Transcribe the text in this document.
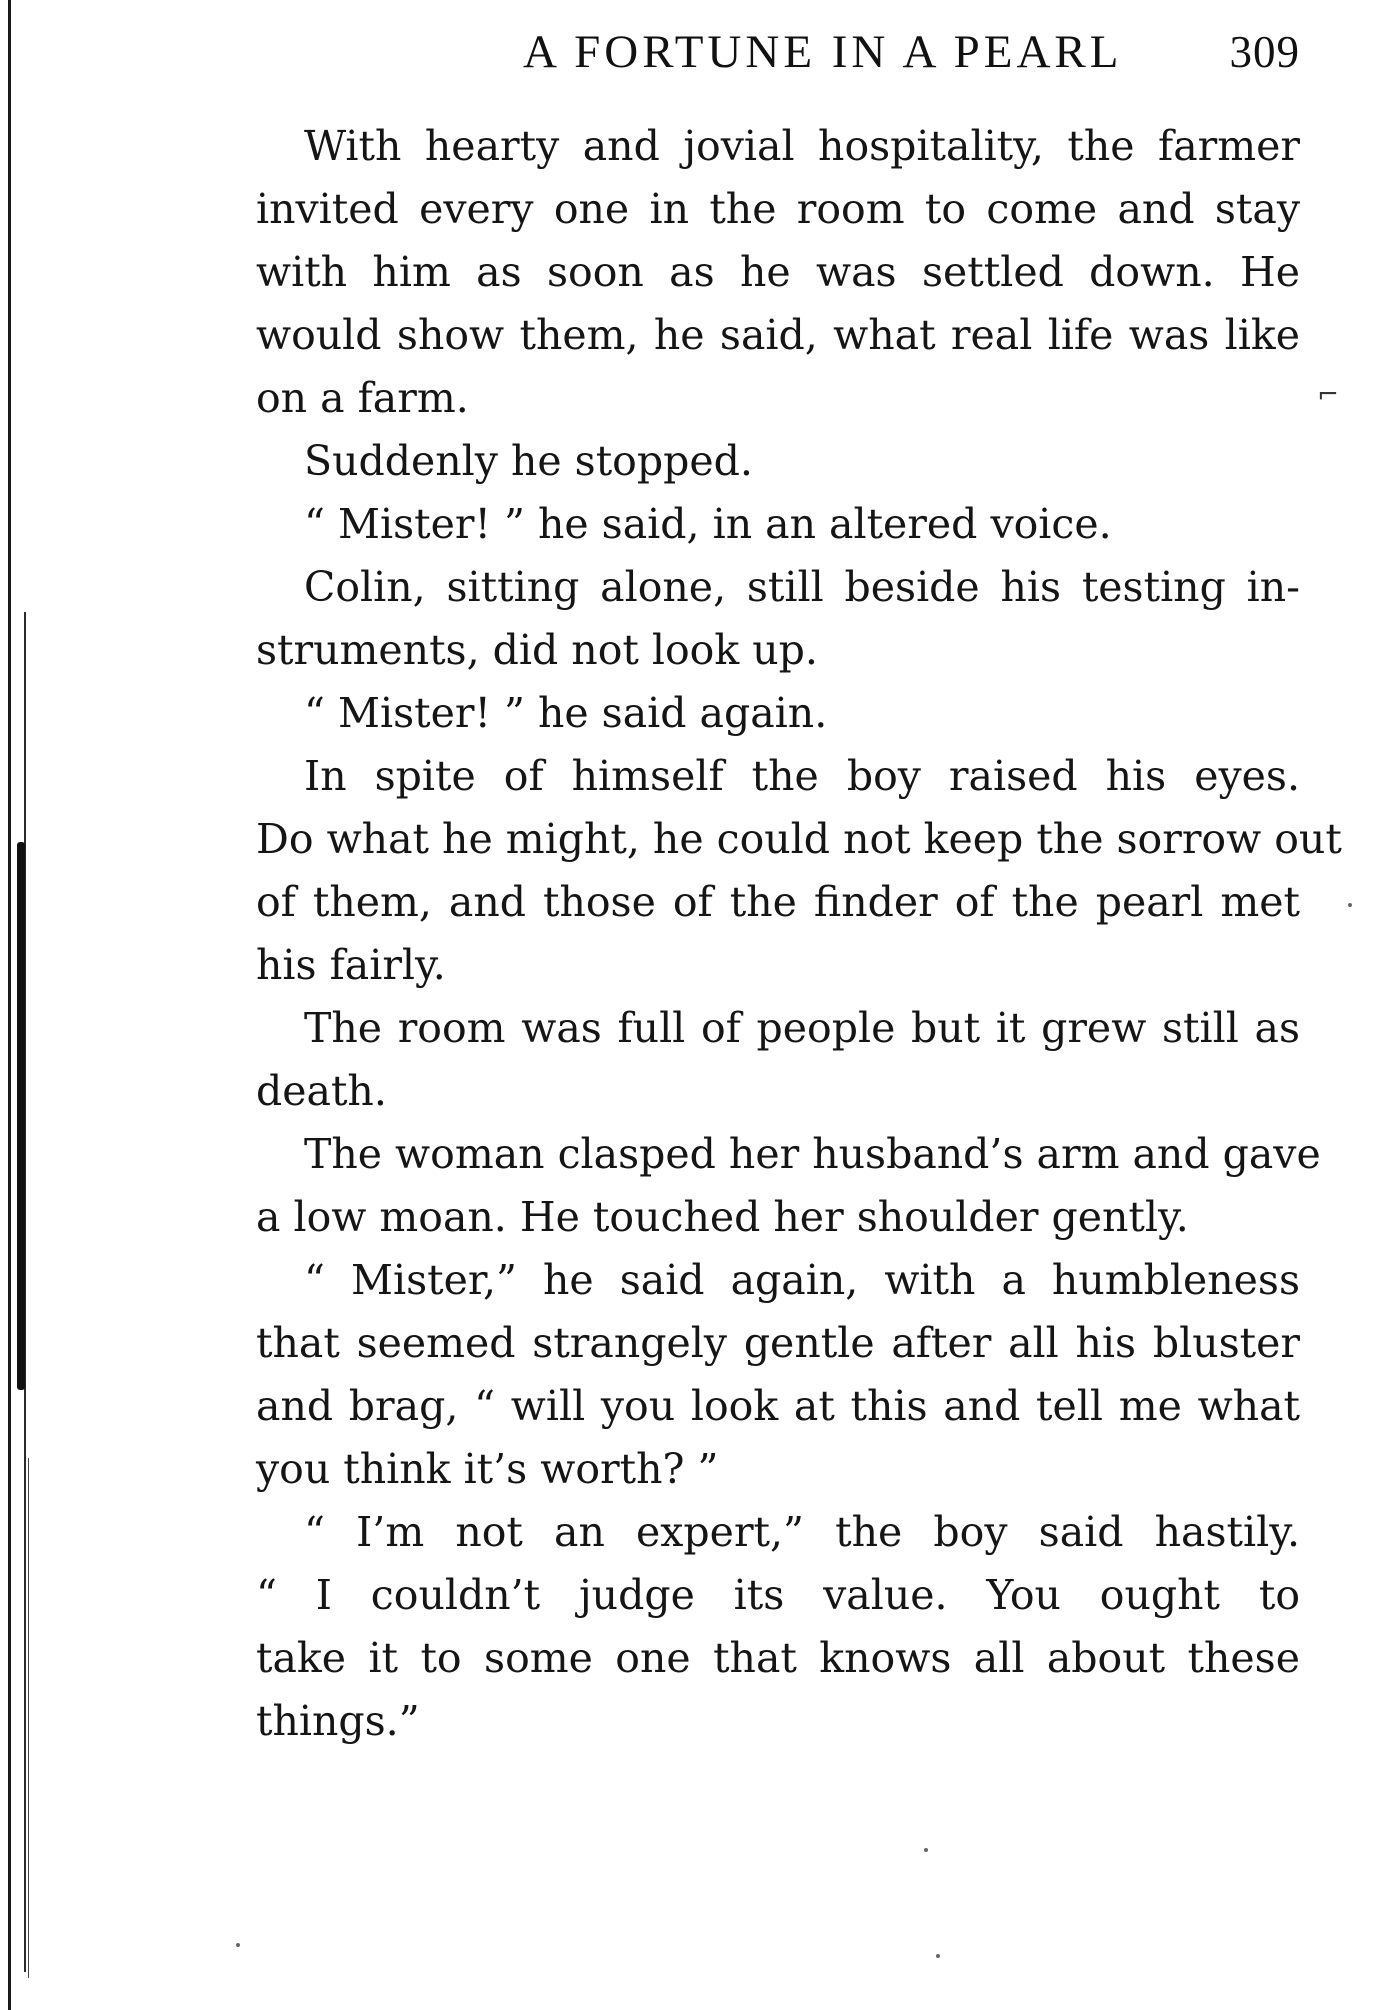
A FORTUNE IN A PEARL	309
With hearty and jovial hospitality, the farmer
invited every one in the room to come and stay
with him as soon as he was settled down. He
would show them, he said, what real life was like
on a farm.
Suddenly he stopped.
“ Mister! ” he said, in an altered voice.
Colin, sitting alone, still beside his testing in-
struments, did not look up.
“ Mister! ” he said again.
In spite of himself the boy raised his eyes.
Do what he might, he could not keep the sorrow out
of them, and those of the finder of the pearl met
his fairly.
The room was full of people but it grew still as
death.
The woman clasped her husband’s arm and gave
a low moan. He touched her shoulder gently.
“ Mister,” he said again, with a humbleness
that seemed strangely gentle after all his bluster
and brag, “ will you look at this and tell me what
you think it’s worth? ”
“ I’m not an expert,” the boy said hastily.
“ I couldn’t judge its value. You ought to
take it to some one that knows all about these
things.”
⌐
